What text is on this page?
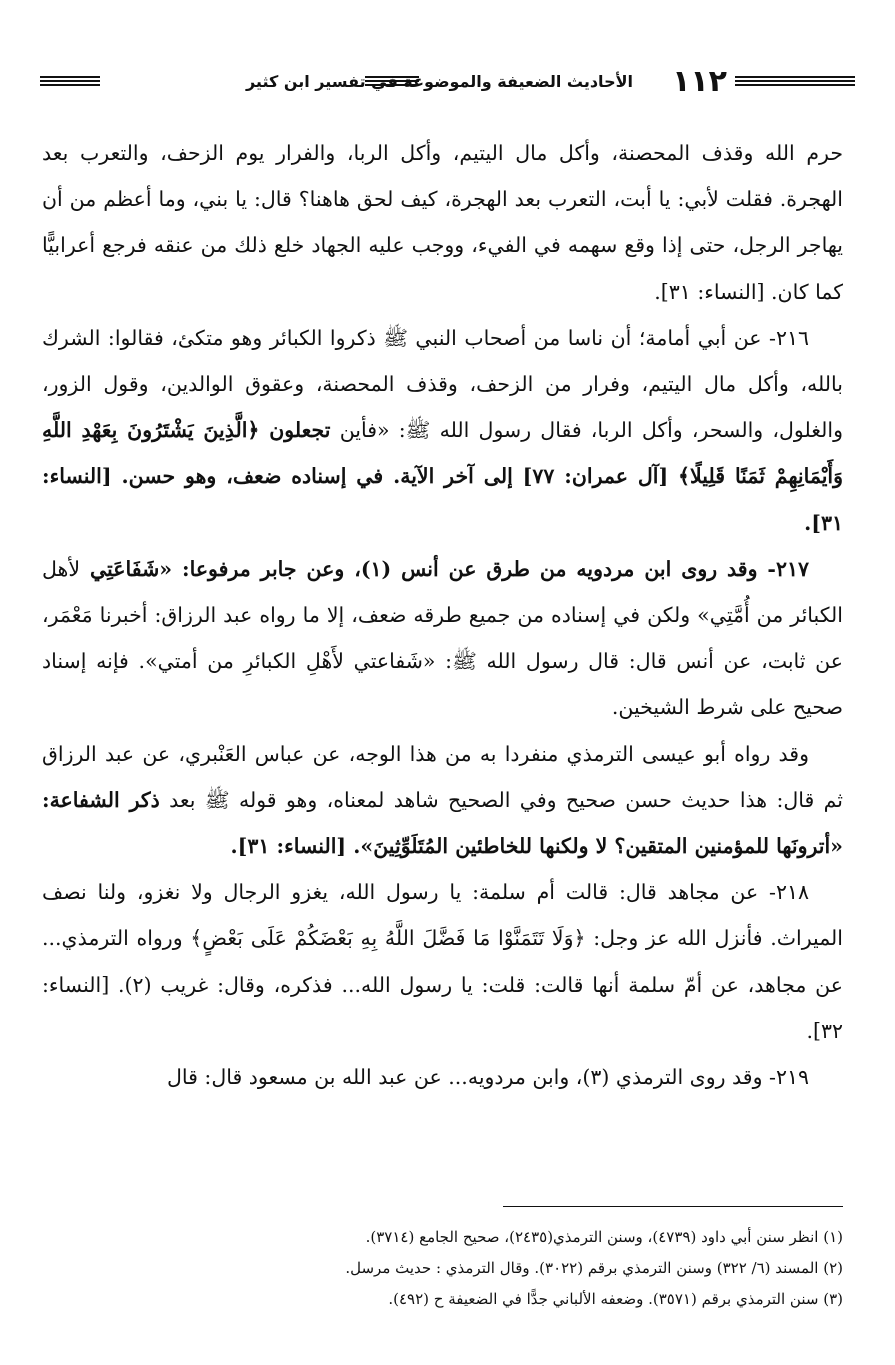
١١٢
الأحاديث الضعيفة والموضوعة في تفسير ابن كثير

حرم الله وقذف المحصنة، وأكل مال اليتيم، وأكل الربا، والفرار يوم الزحف، والتعرب بعد الهجرة. فقلت لأبي: يا أبت، التعرب بعد الهجرة، كيف لحق هاهنا؟ قال: يا بني، وما أعظم من أن يهاجر الرجل، حتى إذا وقع سهمه في الفيء، ووجب عليه الجهاد خلع ذلك من عنقه فرجع أعرابيًّا كما كان. [النساء: ٣١].

٢١٦- عن أبي أمامة؛ أن ناسا من أصحاب النبي ﷺ ذكروا الكبائر وهو متكئ، فقالوا: الشرك بالله، وأكل مال اليتيم، وفرار من الزحف، وقذف المحصنة، وعقوق الوالدين، وقول الزور، والغلول، والسحر، وأكل الربا، فقال رسول الله ﷺ: «فأين تجعلون ﴿الَّذِينَ يَشْتَرُونَ بِعَهْدِ اللَّهِ وَأَيْمَانِهِمْ ثَمَنًا قَلِيلًا﴾ [آل عمران: ٧٧] إلى آخر الآية. في إسناده ضعف، وهو حسن. [النساء: ٣١].

٢١٧- وقد روى ابن مردويه من طرق عن أنس (١)، وعن جابر مرفوعا: «شَفَاعَتِي لأهل الكبائر من أُمَّتِي» ولكن في إسناده من جميع طرقه ضعف، إلا ما رواه عبد الرزاق: أخبرنا مَعْمَر، عن ثابت، عن أنس قال: قال رسول الله ﷺ: «شَفاعتي لأَهْلِ الكبائرِ من أمتي». فإنه إسناد صحيح على شرط الشيخين.

وقد رواه أبو عيسى الترمذي منفردا به من هذا الوجه، عن عباس العَنْبري، عن عبد الرزاق ثم قال: هذا حديث حسن صحيح وفي الصحيح شاهد لمعناه، وهو قوله ﷺ بعد ذكر الشفاعة: «أترونَها للمؤمنين المتقين؟ لا ولكنها للخاطئين المُتَلَوِّثِينَ». [النساء: ٣١].

٢١٨- عن مجاهد قال: قالت أم سلمة: يا رسول الله، يغزو الرجال ولا نغزو، ولنا نصف الميراث. فأنزل الله عز وجل: ﴿وَلَا تَتَمَنَّوْا مَا فَضَّلَ اللَّهُ بِهِ بَعْضَكُمْ عَلَى بَعْضٍ﴾ ورواه الترمذي... عن مجاهد، عن أمّ سلمة أنها قالت: قلت: يا رسول الله... فذكره، وقال: غريب (٢). [النساء: ٣٢].

٢١٩- وقد روى الترمذي (٣)، وابن مردويه... عن عبد الله بن مسعود قال: قال

(١) انظر سنن أبي داود (٤٧٣٩)، وسنن الترمذي(٢٤٣٥)، صحيح الجامع (٣٧١٤).

(٢) المسند (٦/ ٣٢٢) وسنن الترمذي برقم (٣٠٢٢). وقال الترمذي : حديث مرسل.

(٣) سنن الترمذي برقم (٣٥٧١). وضعفه الألباني جدًّا في الضعيفة ح (٤٩٢).
